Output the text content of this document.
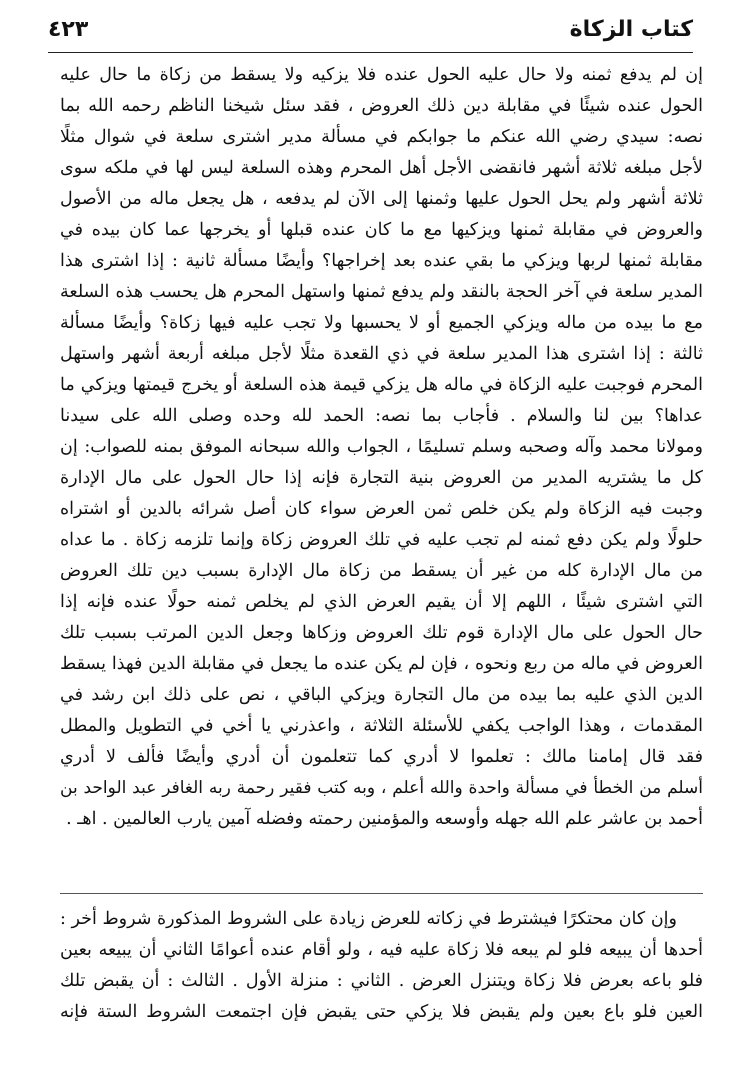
كتاب الزكاة
٤٢٣
إن لم يدفع ثمنه ولا حال عليه الحول عنده فلا يزكيه ولا يسقط من زكاة ما حال عليه
الحول عنده شيئًا في مقابلة دين ذلك العروض ، فقد سئل شيخنا الناظم رحمه الله بما
نصه: سيدي رضي الله عنكم ما جوابكم في مسألة مدير اشترى سلعة في شوال مثلًا
لأجل مبلغه ثلاثة أشهر فانقضى الأجل أهل المحرم وهذه السلعة ليس لها في ملكه سوى
ثلاثة أشهر ولم يحل الحول عليها وثمنها إلى الآن لم يدفعه ، هل يجعل ماله من الأصول
والعروض في مقابلة ثمنها ويزكيها مع ما كان عنده قبلها أو يخرجها عما كان بيده في
مقابلة ثمنها لربها ويزكي ما بقي عنده بعد إخراجها؟ وأيضًا مسألة ثانية : إذا اشترى هذا
المدير سلعة في آخر الحجة بالنقد ولم يدفع ثمنها واستهل المحرم هل يحسب هذه السلعة
مع ما بيده من ماله ويزكي الجميع أو لا يحسبها ولا تجب عليه فيها زكاة؟ وأيضًا مسألة
ثالثة : إذا اشترى هذا المدير سلعة في ذي القعدة مثلًا لأجل مبلغه أربعة أشهر واستهل
المحرم فوجبت عليه الزكاة في ماله هل يزكي قيمة هذه السلعة أو يخرج قيمتها ويزكي ما
عداها؟ بين لنا والسلام . فأجاب بما نصه: الحمد لله وحده وصلى الله على سيدنا
ومولانا محمد وآله وصحبه وسلم تسليمًا ، الجواب والله سبحانه الموفق بمنه للصواب: إن
كل ما يشتريه المدير من العروض بنية التجارة فإنه إذا حال الحول على مال الإدارة
وجبت فيه الزكاة ولم يكن خلص ثمن العرض سواء كان أصل شرائه بالدين أو اشتراه
حلولًا ولم يكن دفع ثمنه لم تجب عليه في تلك العروض زكاة وإنما تلزمه زكاة . ما عداه
من مال الإدارة كله من غير أن يسقط من زكاة مال الإدارة بسبب دين تلك العروض
التي اشترى شيئًا ، اللهم إلا أن يقيم العرض الذي لم يخلص ثمنه حولًا عنده فإنه إذا
حال الحول على مال الإدارة قوم تلك العروض وزكاها وجعل الدين المرتب بسبب تلك
العروض في ماله من ربع ونحوه ، فإن لم يكن عنده ما يجعل في مقابلة الدين فهذا يسقط
الدين الذي عليه بما بيده من مال التجارة ويزكي الباقي ، نص على ذلك ابن رشد في
المقدمات ، وهذا الواجب يكفي للأسئلة الثلاثة ، واعذرني يا أخي في التطويل والمطل
فقد قال إمامنا مالك : تعلموا لا أدري كما تتعلمون أن أدري وأيضًا فألف لا أدري
أسلم من الخطأ في مسألة واحدة والله أعلم ، وبه كتب فقير رحمة ربه الغافر عبد الواحد بن
أحمد بن عاشر علم الله جهله وأوسعه والمؤمنين رحمته وفضله آمين يارب العالمين . اهـ .
وإن كان محتكرًا فيشترط في زكاته للعرض زيادة على الشروط المذكورة شروط أخر :
أحدها أن يبيعه فلو لم يبعه فلا زكاة عليه فيه ، ولو أقام عنده أعوامًا الثاني أن يبيعه بعين
فلو باعه بعرض فلا زكاة ويتنزل العرض . الثاني : منزلة الأول . الثالث : أن يقبض تلك
العين فلو باع بعين ولم يقبض فلا يزكي حتى يقبض فإن اجتمعت الشروط الستة فإنه
